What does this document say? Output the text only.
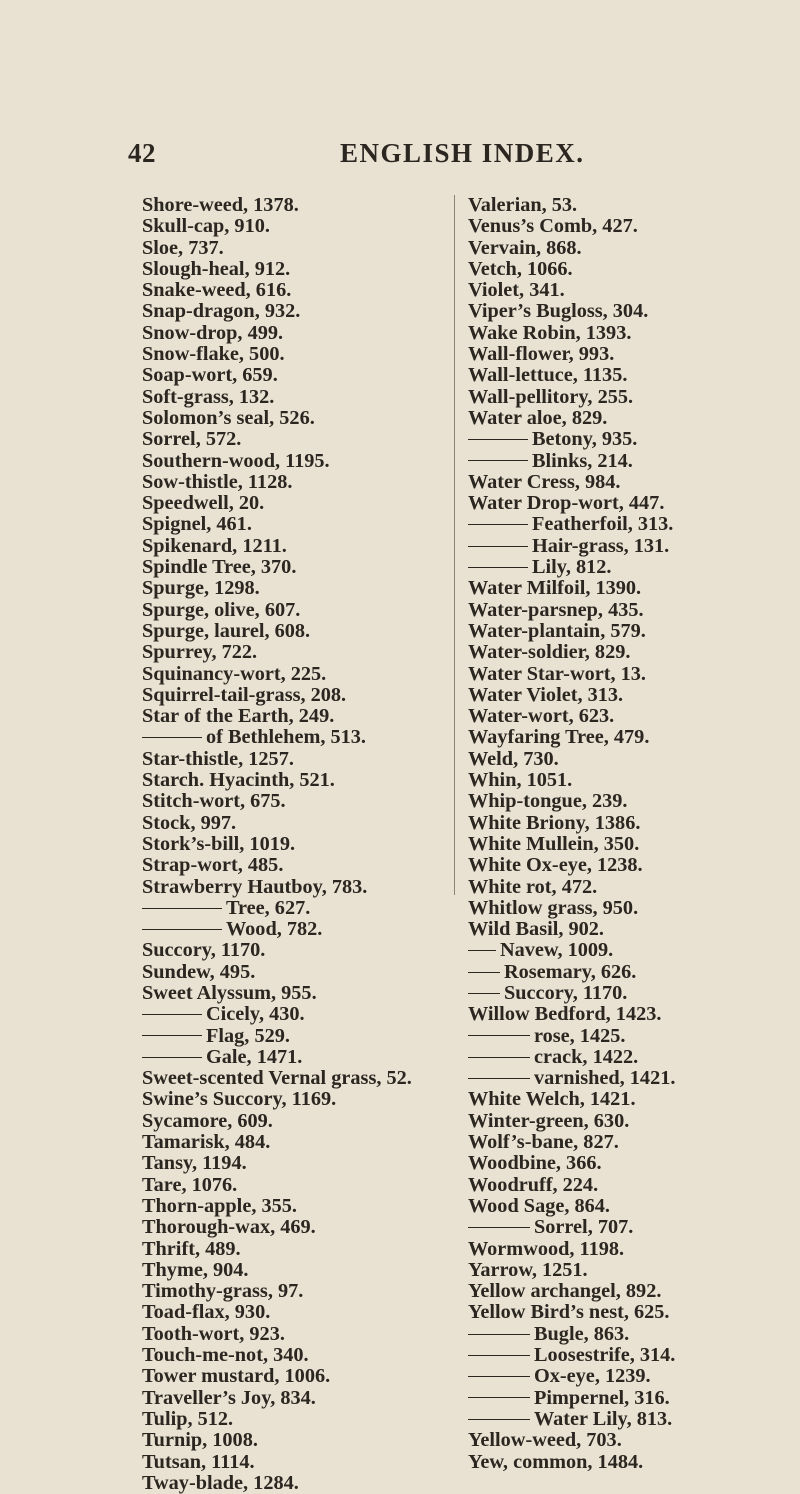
42	ENGLISH INDEX.
Shore-weed, 1378.
Skull-cap, 910.
Sloe, 737.
Slough-heal, 912.
Snake-weed, 616.
Snap-dragon, 932.
Snow-drop, 499.
Snow-flake, 500.
Soap-wort, 659.
Soft-grass, 132.
Solomon’s seal, 526.
Sorrel, 572.
Southern-wood, 1195.
Sow-thistle, 1128.
Speedwell, 20.
Spignel, 461.
Spikenard, 1211.
Spindle Tree, 370.
Spurge, 1298.
Spurge, olive, 607.
Spurge, laurel, 608.
Spurrey, 722.
Squinancy-wort, 225.
Squirrel-tail-grass, 208.
Star of the Earth, 249.
of Bethlehem, 513.
Star-thistle, 1257.
Starch. Hyacinth, 521.
Stitch-wort, 675.
Stock, 997.
Stork’s-bill, 1019.
Strap-wort, 485.
Strawberry Hautboy, 783.
Tree, 627.
Wood, 782.
Succory, 1170.
Sundew, 495.
Sweet Alyssum, 955.
Cicely, 430.
Flag, 529.
Gale, 1471.
Sweet-scented Vernal grass, 52.
Swine’s Succory, 1169.
Sycamore, 609.
Tamarisk, 484.
Tansy, 1194.
Tare, 1076.
Thorn-apple, 355.
Thorough-wax, 469.
Thrift, 489.
Thyme, 904.
Timothy-grass, 97.
Toad-flax, 930.
Tooth-wort, 923.
Touch-me-not, 340.
Tower mustard, 1006.
Traveller’s Joy, 834.
Tulip, 512.
Turnip, 1008.
Tutsan, 1114.
Tway-blade, 1284.
Valerian, 53.
Venus’s Comb, 427.
Vervain, 868.
Vetch, 1066.
Violet, 341.
Viper’s Bugloss, 304.
Wake Robin, 1393.
Wall-flower, 993.
Wall-lettuce, 1135.
Wall-pellitory, 255.
Water aloe, 829.
Betony, 935.
Blinks, 214.
Water Cress, 984.
Water Drop-wort, 447.
Featherfoil, 313.
Hair-grass, 131.
Lily, 812.
Water Milfoil, 1390.
Water-parsnep, 435.
Water-plantain, 579.
Water-soldier, 829.
Water Star-wort, 13.
Water Violet, 313.
Water-wort, 623.
Wayfaring Tree, 479.
Weld, 730.
Whin, 1051.
Whip-tongue, 239.
White Briony, 1386.
White Mullein, 350.
White Ox-eye, 1238.
White rot, 472.
Whitlow grass, 950.
Wild Basil, 902.
Navew, 1009.
Rosemary, 626.
Succory, 1170.
Willow Bedford, 1423.
rose, 1425.
crack, 1422.
varnished, 1421.
White Welch, 1421.
Winter-green, 630.
Wolf’s-bane, 827.
Woodbine, 366.
Woodruff, 224.
Wood Sage, 864.
Sorrel, 707.
Wormwood, 1198.
Yarrow, 1251.
Yellow archangel, 892.
Yellow Bird’s nest, 625.
Bugle, 863.
Loosestrife, 314.
Ox-eye, 1239.
Pimpernel, 316.
Water Lily, 813.
Yellow-weed, 703.
Yew, common, 1484.
